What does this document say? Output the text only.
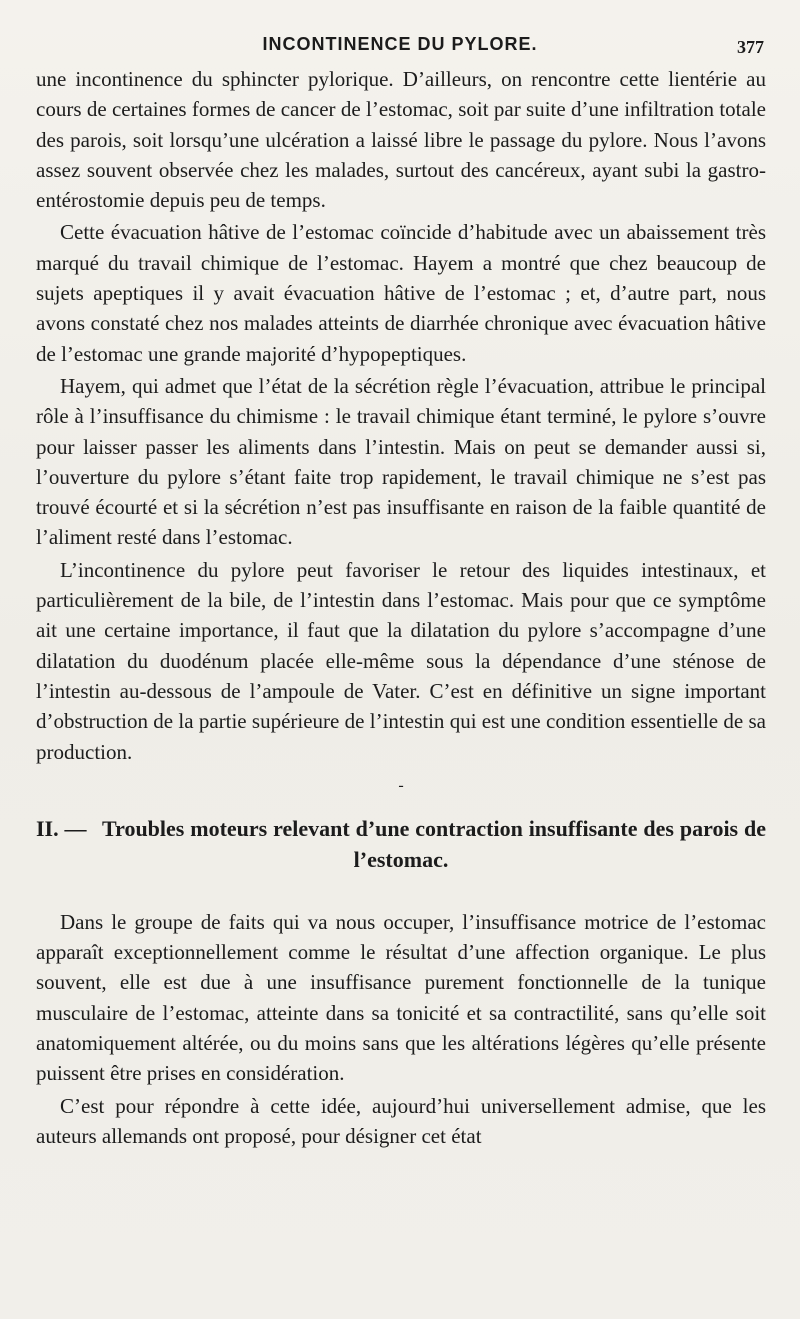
INCONTINENCE DU PYLORE.	377

une incontinence du sphincter pylorique. D’ailleurs, on rencontre cette lientérie au cours de certaines formes de cancer de l’estomac, soit par suite d’une infiltration totale des parois, soit lorsqu’une ulcération a laissé libre le passage du pylore. Nous l’avons assez souvent observée chez les malades, surtout des cancéreux, ayant subi la gastro-entérostomie depuis peu de temps.

Cette évacuation hâtive de l’estomac coïncide d’habitude avec un abaissement très marqué du travail chimique de l’estomac. Hayem a montré que chez beaucoup de sujets apeptiques il y avait évacuation hâtive de l’estomac ; et, d’autre part, nous avons constaté chez nos malades atteints de diarrhée chronique avec évacuation hâtive de l’estomac une grande majorité d’hypopeptiques.

Hayem, qui admet que l’état de la sécrétion règle l’évacuation, attribue le principal rôle à l’insuffisance du chimisme : le travail chimique étant terminé, le pylore s’ouvre pour laisser passer les aliments dans l’intestin. Mais on peut se demander aussi si, l’ouverture du pylore s’étant faite trop rapidement, le travail chimique ne s’est pas trouvé écourté et si la sécrétion n’est pas insuffisante en raison de la faible quantité de l’aliment resté dans l’estomac.

L’incontinence du pylore peut favoriser le retour des liquides intestinaux, et particulièrement de la bile, de l’intestin dans l’estomac. Mais pour que ce symptôme ait une certaine importance, il faut que la dilatation du pylore s’accompagne d’une dilatation du duodénum placée elle-même sous la dépendance d’une sténose de l’intestin au-dessous de l’ampoule de Vater. C’est en définitive un signe important d’obstruction de la partie supérieure de l’intestin qui est une condition essentielle de sa production.

-
II. — Troubles moteurs relevant d’une contraction insuffisante des parois de l’estomac.

Dans le groupe de faits qui va nous occuper, l’insuffisance motrice de l’estomac apparaît exceptionnellement comme le résultat d’une affection organique. Le plus souvent, elle est due à une insuffisance purement fonctionnelle de la tunique musculaire de l’estomac, atteinte dans sa tonicité et sa contractilité, sans qu’elle soit anatomiquement altérée, ou du moins sans que les altérations légères qu’elle présente puissent être prises en considération.

C’est pour répondre à cette idée, aujourd’hui universellement admise, que les auteurs allemands ont proposé, pour désigner cet état
